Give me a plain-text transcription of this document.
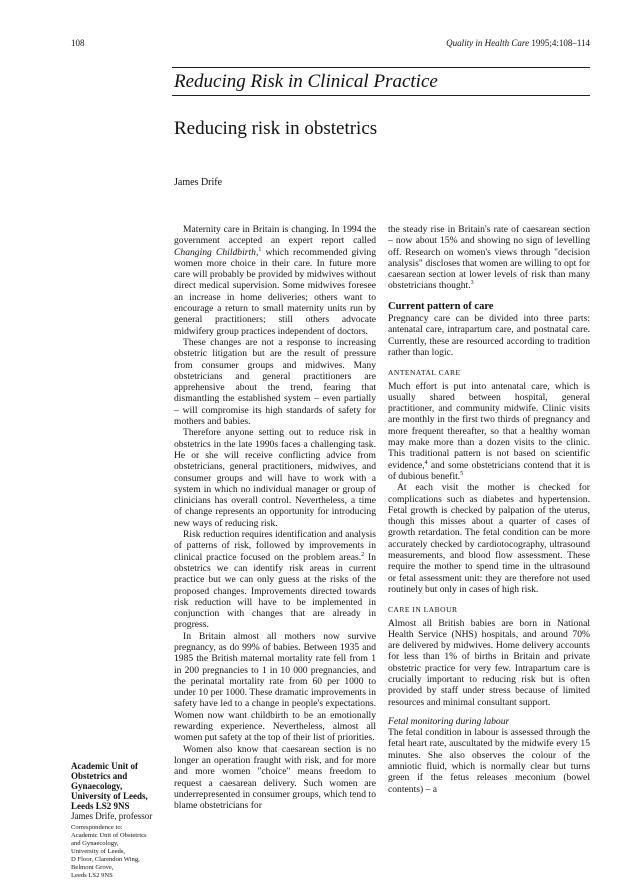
108	Quality in Health Care 1995;4:108–114
Reducing Risk in Clinical Practice
Reducing risk in obstetrics
James Drife

Maternity care in Britain is changing. In 1994 the government accepted an expert report called Changing Childbirth,$^1$ which recommended giving women more choice in their care. In future more care will probably be provided by midwives without direct medical supervision. Some midwives foresee an increase in home deliveries; others want to encourage a return to small maternity units run by general practitioners; still others advocate midwifery group practices independent of doctors.

These changes are not a response to increasing obstetric litigation but are the result of pressure from consumer groups and midwives. Many obstetricians and general practitioners are apprehensive about the trend, fearing that dismantling the established system – even partially – will compromise its high standards of safety for mothers and babies.

Therefore anyone setting out to reduce risk in obstetrics in the late 1990s faces a challenging task. He or she will receive conflicting advice from obstetricians, general practitioners, midwives, and consumer groups and will have to work with a system in which no individual manager or group of clinicians has overall control. Nevertheless, a time of change represents an opportunity for introducing new ways of reducing risk.

Risk reduction requires identification and analysis of patterns of risk, followed by improvements in clinical practice focused on the problem areas.$^2$ In obstetrics we can identify risk areas in current practice but we can only guess at the risks of the proposed changes. Improvements directed towards risk reduction will have to be implemented in conjunction with changes that are already in progress.

In Britain almost all mothers now survive pregnancy, as do 99% of babies. Between 1935 and 1985 the British maternal mortality rate fell from 1 in 200 pregnancies to 1 in 10 000 pregnancies, and the perinatal mortality rate from 60 per 1000 to under 10 per 1000. These dramatic improvements in safety have led to a change in people's expectations. Women now want childbirth to be an emotionally rewarding experience. Nevertheless, almost all women put safety at the top of their list of priorities.

Women also know that caesarean section is no longer an operation fraught with risk, and for more and more women "choice" means freedom to request a caesarean delivery. Such women are underrepresented in consumer groups, which tend to blame obstetricians for

the steady rise in Britain's rate of caesarean section – now about 15% and showing no sign of levelling off. Research on women's views through "decision analysis" discloses that women are willing to opt for caesarean section at lower levels of risk than many obstetricians thought.$^3$

Current pattern of care

Pregnancy care can be divided into three parts: antenatal care, intrapartum care, and postnatal care. Currently, these are resourced according to tradition rather than logic.

ANTENATAL CARE

Much effort is put into antenatal care, which is usually shared between hospital, general practitioner, and community midwife. Clinic visits are monthly in the first two thirds of pregnancy and more frequent thereafter, so that a healthy woman may make more than a dozen visits to the clinic. This traditional pattern is not based on scientific evidence,$^4$ and some obstetricians contend that it is of dubious benefit.$^5$

At each visit the mother is checked for complications such as diabetes and hypertension. Fetal growth is checked by palpation of the uterus, though this misses about a quarter of cases of growth retardation. The fetal condition can be more accurately checked by cardiotocography, ultrasound measurements, and blood flow assessment. These require the mother to spend time in the ultrasound or fetal assessment unit: they are therefore not used routinely but only in cases of high risk.

CARE IN LABOUR

Almost all British babies are born in National Health Service (NHS) hospitals, and around 70% are delivered by midwives. Home delivery accounts for less than 1% of births in Britain and private obstetric practice for very few. Intrapartum care is crucially important to reducing risk but is often provided by staff under stress because of limited resources and minimal consultant support.

Fetal monitoring during labour

The fetal condition in labour is assessed through the fetal heart rate, auscultated by the midwife every 15 minutes. She also observes the colour of the amniotic fluid, which is normally clear but turns green if the fetus releases meconium (bowel contents) – a

Academic Unit of
Obstetrics and
Gynaecology,
University of Leeds,
Leeds LS2 9NS
James Drife, professor
Correspondence to:
Academic Unit of Obstetrics
and Gynaecology,
University of Leeds,
D Floor, Clarendon Wing,
Belmont Grove,
Leeds LS2 9NS
